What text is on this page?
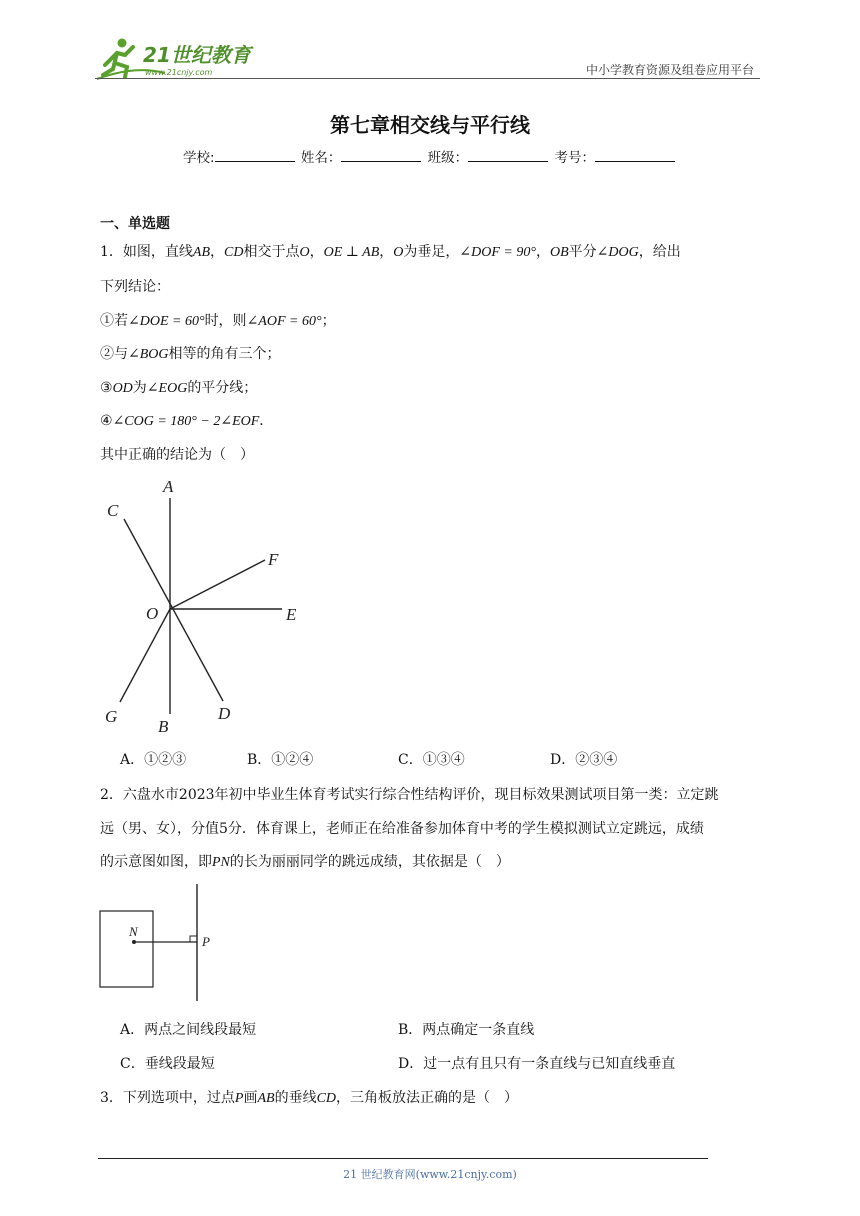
21世纪教育
www.21cnjy.com	中小学教育资源及组卷应用平台
第七章相交线与平行线
学校:	姓名：	班级：	考号：
一、单选题
1．如图，直线AB，CD相交于点O，OE ⊥ AB，O为垂足，∠DOF = 90°，OB平分∠DOG，给出
下列结论：
①若∠DOE = 60°时，则∠AOF = 60°；
②与∠BOG相等的角有三个；
③OD为∠EOG的平分线；
④∠COG = 180° − 2∠EOF．
其中正确的结论为（　）
A
B
C
D
E
F
G
O
A．①②③	B．①②④	C．①③④	D．②③④
2．六盘水市2023年初中毕业生体育考试实行综合性结构评价，现目标效果测试项目第一类：立定跳
远（男、女），分值5分．体育课上，老师正在给准备参加体育中考的学生模拟测试立定跳远，成绩
的示意图如图，即PN的长为丽丽同学的跳远成绩，其依据是（　）
N
P
A．两点之间线段最短	B．两点确定一条直线
C．垂线段最短	D．过一点有且只有一条直线与已知直线垂直
3．下列选项中，过点P画AB的垂线CD，三角板放法正确的是（　）
21 世纪教育网(www.21cnjy.com)
